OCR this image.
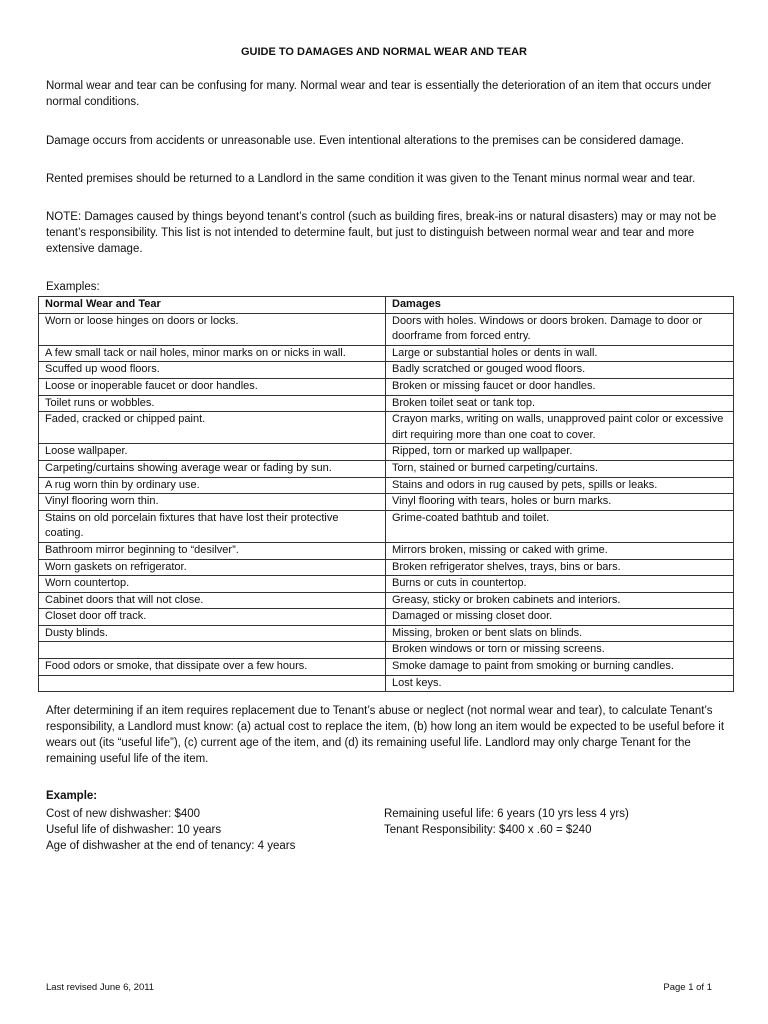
GUIDE TO DAMAGES AND NORMAL WEAR AND TEAR

Normal wear and tear can be confusing for many. Normal wear and tear is essentially the deterioration of an item that occurs under normal conditions.

Damage occurs from accidents or unreasonable use. Even intentional alterations to the premises can be considered damage.

Rented premises should be returned to a Landlord in the same condition it was given to the Tenant minus normal wear and tear.

NOTE: Damages caused by things beyond tenant’s control (such as building fires, break-ins or natural disasters) may or may not be tenant’s responsibility. This list is not intended to determine fault, but just to distinguish between normal wear and tear and more extensive damage.

Examples:
Normal Wear and Tear	Damages
Worn or loose hinges on doors or locks.	Doors with holes. Windows or doors broken. Damage to door or doorframe from forced entry.
A few small tack or nail holes, minor marks on or nicks in wall.	Large or substantial holes or dents in wall.
Scuffed up wood floors.	Badly scratched or gouged wood floors.
Loose or inoperable faucet or door handles.	Broken or missing faucet or door handles.
Toilet runs or wobbles.	Broken toilet seat or tank top.
Faded, cracked or chipped paint.	Crayon marks, writing on walls, unapproved paint color or excessive dirt requiring more than one coat to cover.
Loose wallpaper.	Ripped, torn or marked up wallpaper.
Carpeting/curtains showing average wear or fading by sun.	Torn, stained or burned carpeting/curtains.
A rug worn thin by ordinary use.	Stains and odors in rug caused by pets, spills or leaks.
Vinyl flooring worn thin.	Vinyl flooring with tears, holes or burn marks.
Stains on old porcelain fixtures that have lost their protective coating.	Grime-coated bathtub and toilet.
Bathroom mirror beginning to “desilver”.	Mirrors broken, missing or caked with grime.
Worn gaskets on refrigerator.	Broken refrigerator shelves, trays, bins or bars.
Worn countertop.	Burns or cuts in countertop.
Cabinet doors that will not close.	Greasy, sticky or broken cabinets and interiors.
Closet door off track.	Damaged or missing closet door.
Dusty blinds.	Missing, broken or bent slats on blinds.
	Broken windows or torn or missing screens.
Food odors or smoke, that dissipate over a few hours.	Smoke damage to paint from smoking or burning candles.
	Lost keys.

After determining if an item requires replacement due to Tenant’s abuse or neglect (not normal wear and tear), to calculate Tenant’s responsibility, a Landlord must know: (a) actual cost to replace the item, (b) how long an item would be expected to be useful before it wears out (its “useful life”), (c) current age of the item, and (d) its remaining useful life. Landlord may only charge Tenant for the remaining useful life of the item.

Example:
Cost of new dishwasher: $400
Useful life of dishwasher: 10 years
Age of dishwasher at the end of tenancy: 4 years
Remaining useful life: 6 years (10 yrs less 4 yrs)
Tenant Responsibility: $400 x .60 = $240
Last revised June 6, 2011	Page 1 of 1
